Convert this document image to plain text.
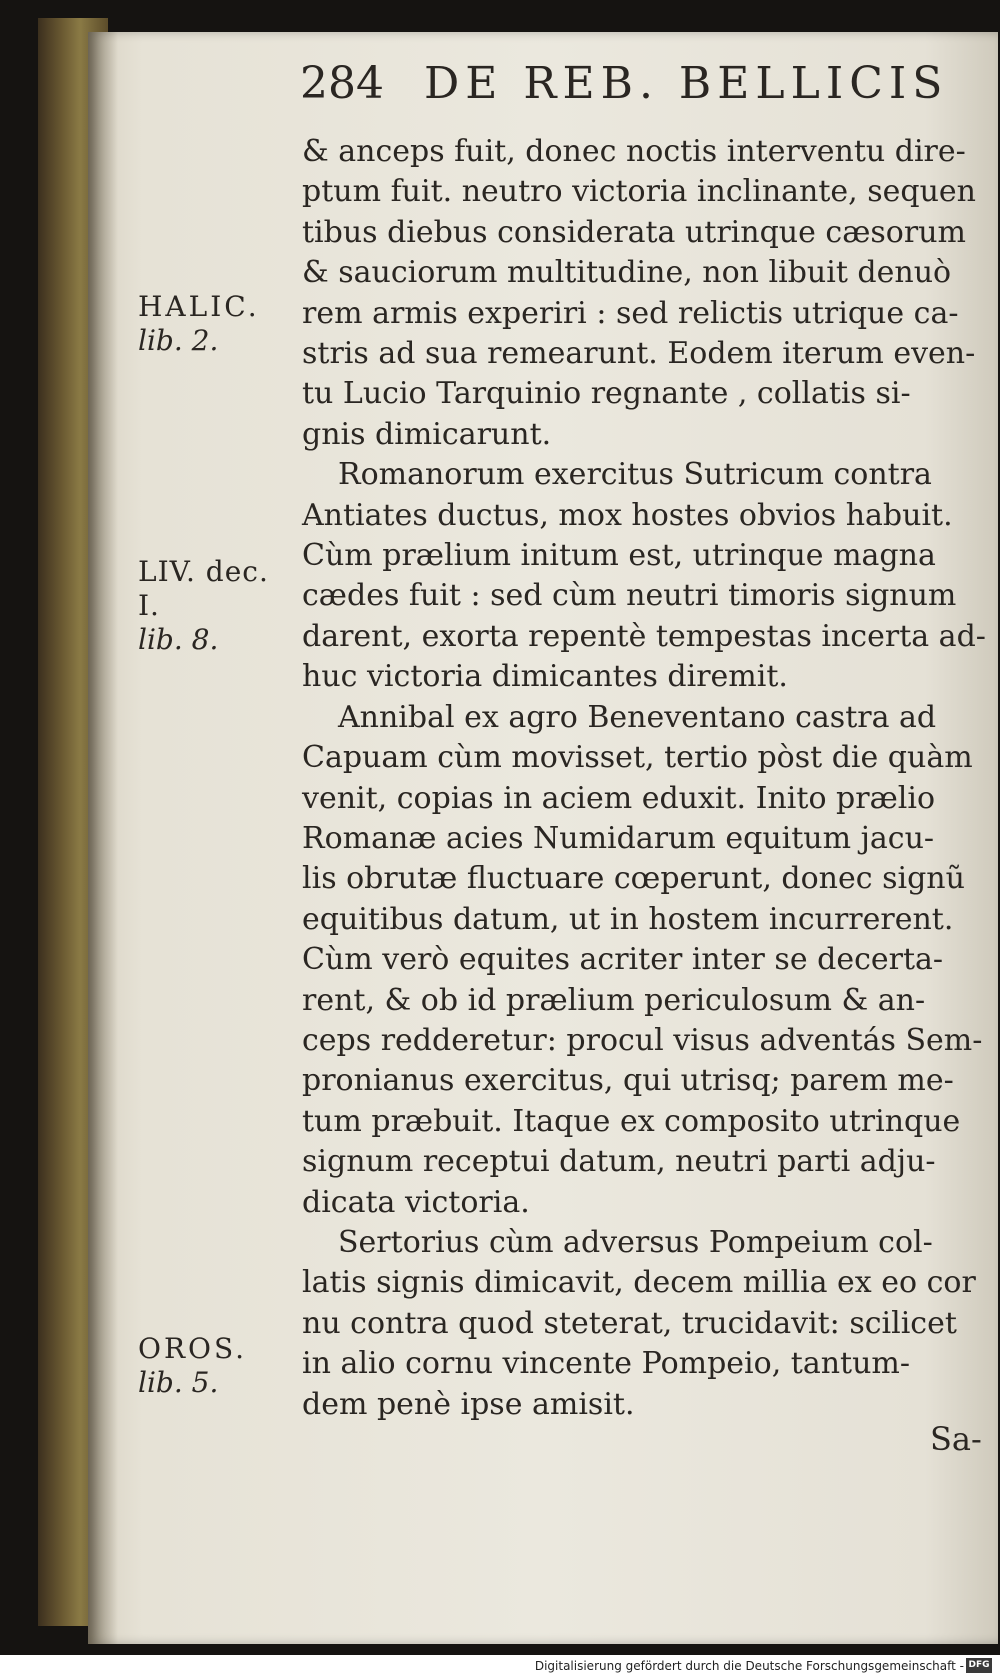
284 DE REB. BELLICIS
& anceps fuit, donec noctis interventu dire-
ptum fuit. neutro victoria inclinante, sequen
tibus diebus considerata utrinque cæsorum
& sauciorum multitudine, non libuit denuò
rem armis experiri : sed relictis utrique ca-
stris ad sua remearunt. Eodem iterum even-
tu Lucio Tarquinio regnante , collatis si-
gnis dimicarunt.
Romanorum exercitus Sutricum contra
Antiates ductus, mox hostes obvios habuit.
Cùm prælium initum est, utrinque magna
cædes fuit : sed cùm neutri timoris signum
darent, exorta repentè tempestas incerta ad-
huc victoria dimicantes diremit.
Annibal ex agro Beneventano castra ad
Capuam cùm movisset, tertio pòst die quàm
venit, copias in aciem eduxit. Inito prælio
Romanæ acies Numidarum equitum jacu-
lis obrutæ fluctuare cœperunt, donec signũ
equitibus datum, ut in hostem incurrerent.
Cùm verò equites acriter inter se decerta-
rent, & ob id prælium periculosum & an-
ceps redderetur: procul visus adventás Sem-
pronianus exercitus, qui utrisq; parem me-
tum præbuit. Itaque ex composito utrinque
signum receptui datum, neutri parti adju-
dicata victoria.
Sertorius cùm adversus Pompeium col-
latis signis dimicavit, decem millia ex eo cor
nu contra quod steterat, trucidavit: scilicet
in alio cornu vincente Pompeio, tantum-
dem penè ipse amisit.
HALIC.
lib. 2.
LIV. dec. I.
lib. 8.
OROS.
lib. 5.
Sa-
Digitalisierung gefördert durch die Deutsche Forschungsgemeinschaft - DFG
